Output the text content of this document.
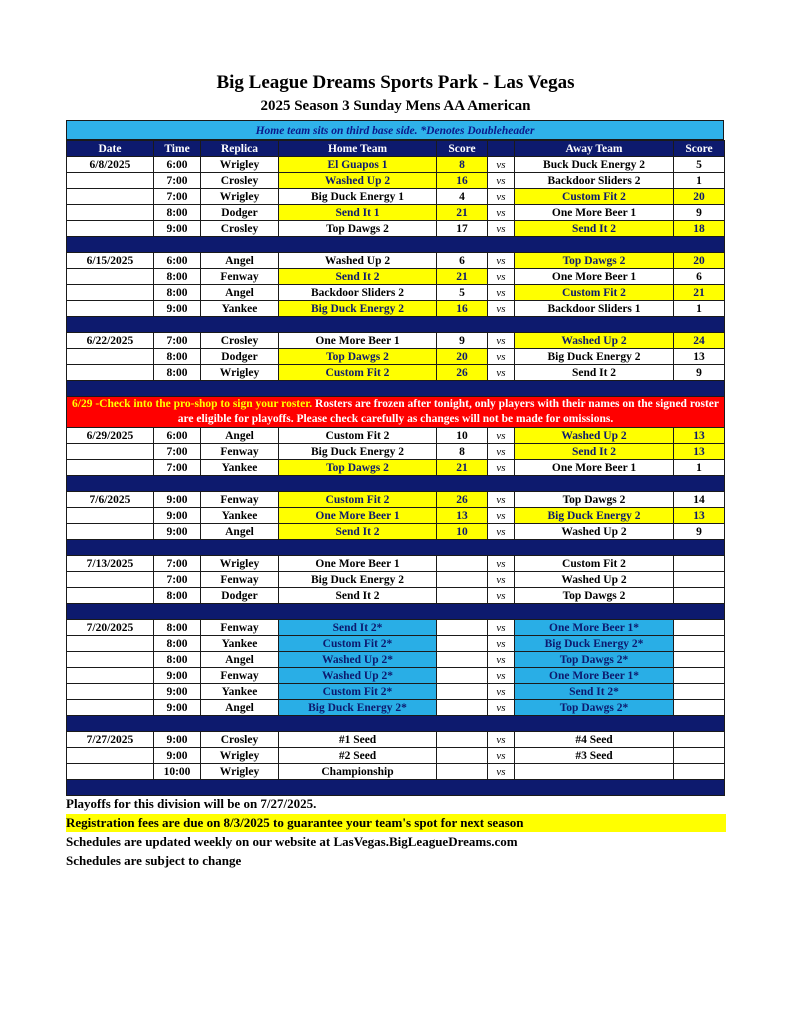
Big League Dreams Sports Park - Las Vegas
2025 Season 3 Sunday Mens AA American
Home team sits on third base side. *Denotes Doubleheader
Date	Time	Replica	Home Team	Score		Away Team	Score
6/8/2025	6:00	Wrigley	El Guapos 1	8	vs	Buck Duck Energy 2	5
	7:00	Crosley	Washed Up 2	16	vs	Backdoor Sliders 2	1
	7:00	Wrigley	Big Duck Energy 1	4	vs	Custom Fit 2	20
	8:00	Dodger	Send It 1	21	vs	One More Beer 1	9
	9:00	Crosley	Top Dawgs 2	17	vs	Send It 2	18

6/15/2025	6:00	Angel	Washed Up 2	6	vs	Top Dawgs 2	20
	8:00	Fenway	Send It 2	21	vs	One More Beer 1	6
	8:00	Angel	Backdoor Sliders 2	5	vs	Custom Fit 2	21
	9:00	Yankee	Big Duck Energy 2	16	vs	Backdoor Sliders 1	1

6/22/2025	7:00	Crosley	One More Beer 1	9	vs	Washed Up 2	24
	8:00	Dodger	Top Dawgs 2	20	vs	Big Duck Energy 2	13
	8:00	Wrigley	Custom Fit 2	26	vs	Send It 2	9

6/29 -Check into the pro-shop to sign your roster. Rosters are frozen after tonight, only players with their names on the signed roster are eligible for playoffs. Please check carefully as changes will not be made for omissions.							
6/29/2025	6:00	Angel	Custom Fit 2	10	vs	Washed Up 2	13
	7:00	Fenway	Big Duck Energy 2	8	vs	Send It 2	13
	7:00	Yankee	Top Dawgs 2	21	vs	One More Beer 1	1

7/6/2025	9:00	Fenway	Custom Fit 2	26	vs	Top Dawgs 2	14
	9:00	Yankee	One More Beer 1	13	vs	Big Duck Energy 2	13
	9:00	Angel	Send It 2	10	vs	Washed Up 2	9

7/13/2025	7:00	Wrigley	One More Beer 1		vs	Custom Fit 2	
	7:00	Fenway	Big Duck Energy 2		vs	Washed Up 2	
	8:00	Dodger	Send It 2		vs	Top Dawgs 2	

7/20/2025	8:00	Fenway	Send It 2*		vs	One More Beer 1*	
	8:00	Yankee	Custom Fit 2*		vs	Big Duck Energy 2*	
	8:00	Angel	Washed Up 2*		vs	Top Dawgs 2*	
	9:00	Fenway	Washed Up 2*		vs	One More Beer 1*	
	9:00	Yankee	Custom Fit 2*		vs	Send It 2*	
	9:00	Angel	Big Duck Energy 2*		vs	Top Dawgs 2*	

7/27/2025	9:00	Crosley	#1 Seed		vs	#4 Seed	
	9:00	Wrigley	#2 Seed		vs	#3 Seed	
	10:00	Wrigley	Championship		vs		

Playoffs for this division will be on 7/27/2025.
Registration fees are due on 8/3/2025 to guarantee your team's spot for next season
Schedules are updated weekly on our website at LasVegas.BigLeagueDreams.com
Schedules are subject to change
